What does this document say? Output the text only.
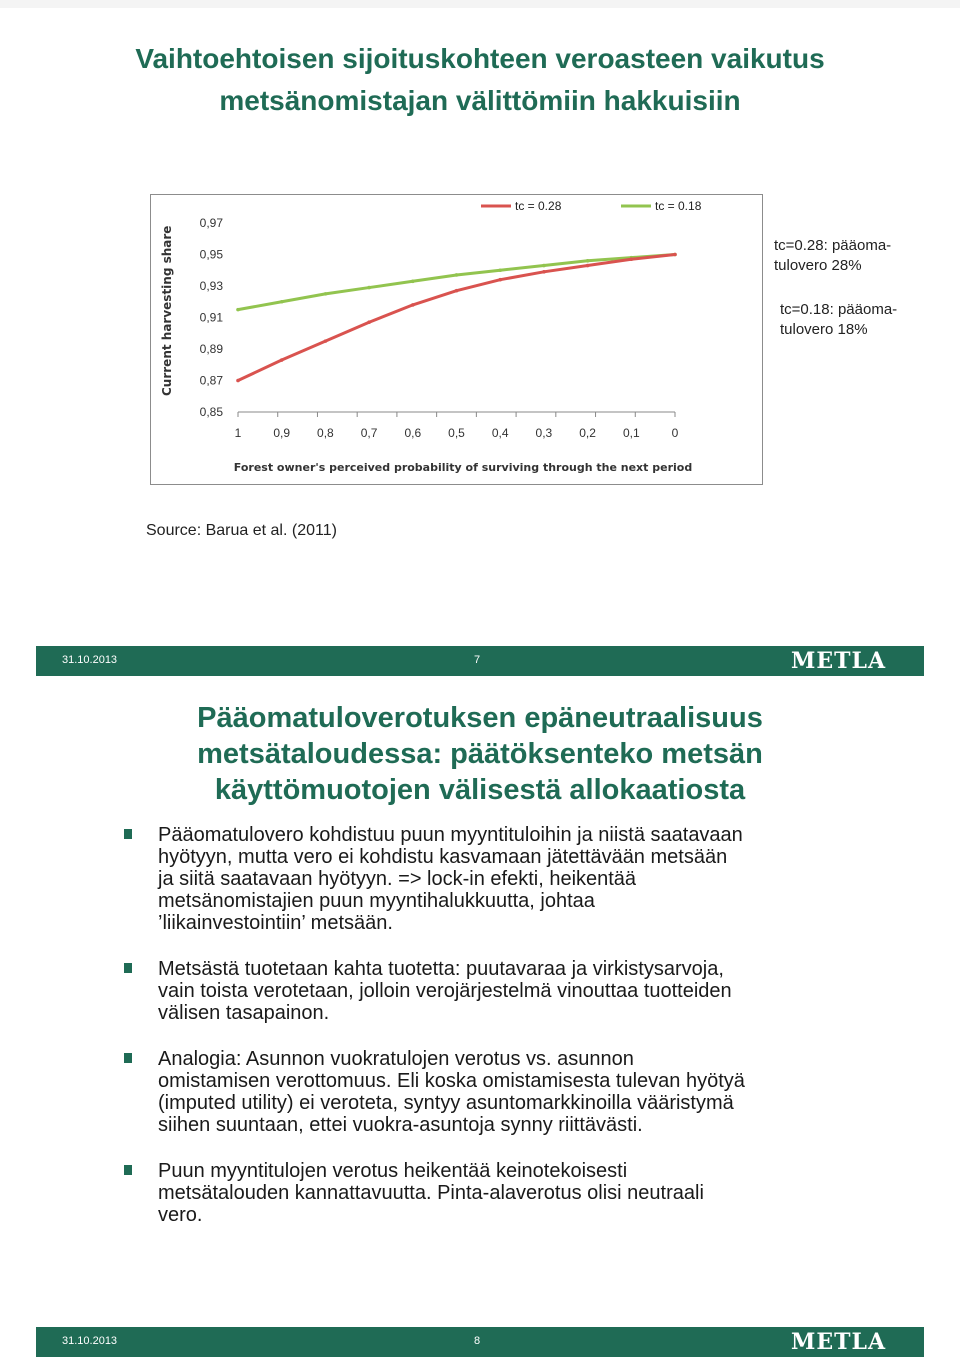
Vaihtoehtoisen sijoituskohteen veroasteen vaikutus
metsänomistajan välittömiin hakkuisiin
0,97
0,95
0,93
0,91
0,89
0,87
0,85
1	0,9 0,8 0,7 0,6 0,5 0,4 0,3 0,2 0,1	0
Forest owner's perceived probability of surviving through the next period
tc = 0.28	tc = 0.18
Current harvesting share	tc=0.28: pääoma-
tulovero 28%

tc=0.18: pääoma-
tulovero 18%

Source: Barua et al. (2011)

31.10.2013	7	METLA
Pääomatuloverotuksen epäneutraalisuus
metsätaloudessa: päätöksenteko metsän
käyttömuotojen välisestä allokaatiosta
Pääomatulovero kohdistuu puun myyntituloihin ja niistä saatavaan
hyötyyn, mutta vero ei kohdistu kasvamaan jätettävään metsään
ja siitä saatavaan hyötyyn. => lock-in efekti, heikentää
metsänomistajien puun myyntihalukkuutta, johtaa
’liikainvestointiin’ metsään.
Metsästä tuotetaan kahta tuotetta: puutavaraa ja virkistysarvoja,
vain toista verotetaan, jolloin verojärjestelmä vinouttaa tuotteiden
välisen tasapainon.
Analogia: Asunnon vuokratulojen verotus vs. asunnon
omistamisen verottomuus. Eli koska omistamisesta tulevan hyötyä
(imputed utility) ei veroteta, syntyy asuntomarkkinoilla vääristymä
siihen suuntaan, ettei vuokra-asuntoja synny riittävästi.
Puun myyntitulojen verotus heikentää keinotekoisesti
metsätalouden kannattavuutta. Pinta-alaverotus olisi neutraali
vero.
31.10.2013	8	METLA
